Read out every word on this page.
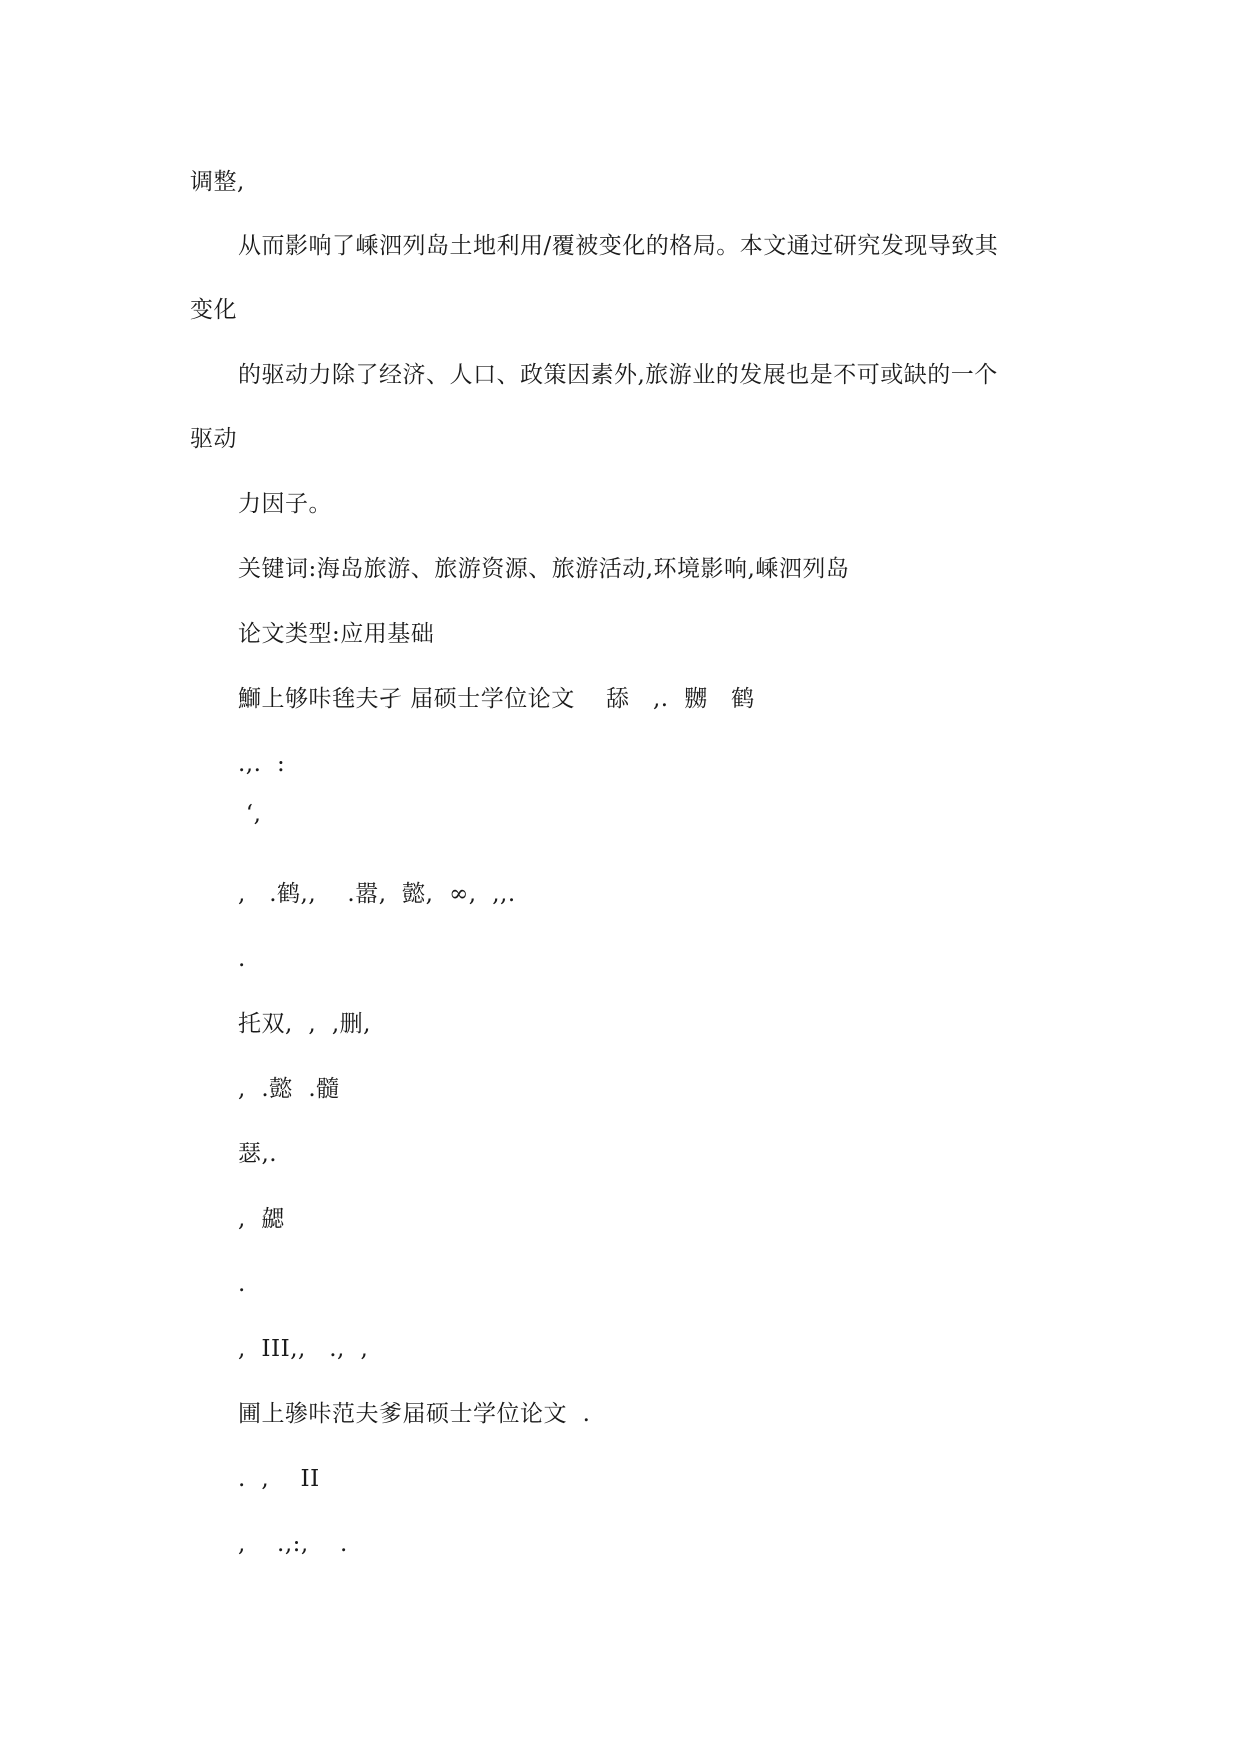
调整,

从而影响了嵊泗列岛土地利用/覆被变化的格局。本文通过研究发现导致其

变化

的驱动力除了经济、人口、政策因素外,旅游业的发展也是不可或缺的一个

驱动

力因子。

关键词:海岛旅游、旅游资源、旅游活动,环境影响,嵊泗列岛

论文类型:应用基础

鰤上够咔毪夫孑 届硕士学位论文    舔   ,.  嬲   鹤

.,.  :

‘,

,   .鹤,,    .嚣,  懿,  ∞,  ,,.

.

托双,  ,  ,删,

,  .懿  .髓

瑟,.

,  勰

.

,  III,,   .,  ,

圃上骖咔范夫爹届硕士学位论文  .

.  ,    II

,    .,:,    .
